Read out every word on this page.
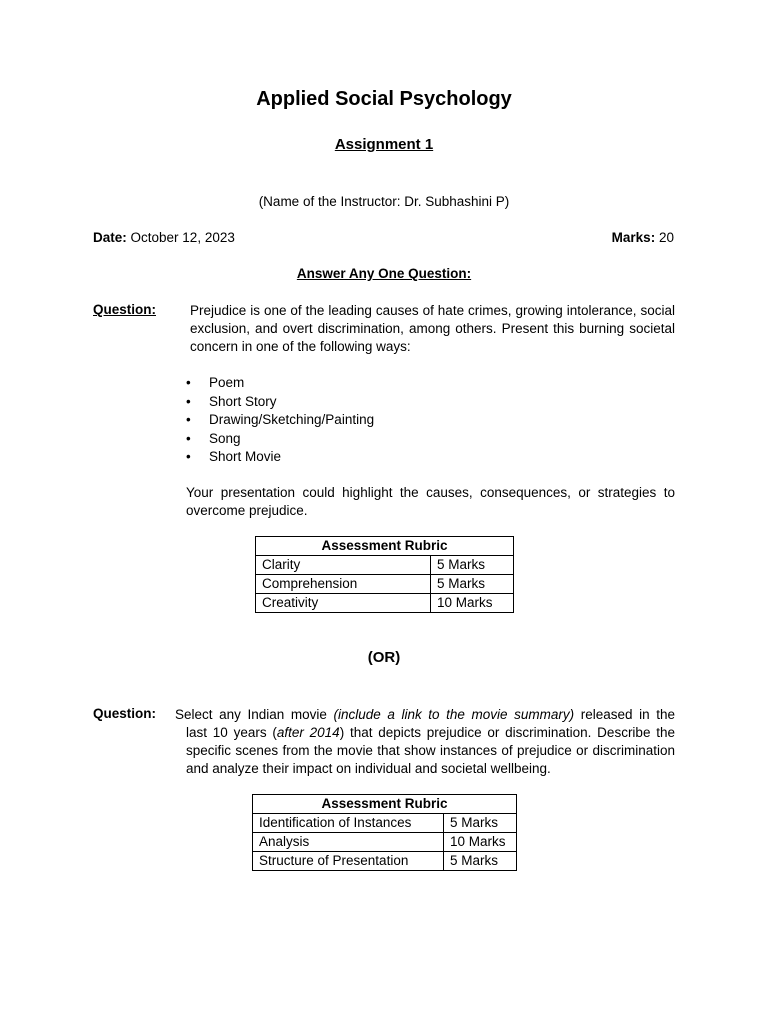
Applied Social Psychology
Assignment 1
(Name of the Instructor: Dr. Subhashini P)
Date: October 12, 2023	Marks: 20
Answer Any One Question:
Question:	Prejudice is one of the leading causes of hate crimes, growing intolerance, social exclusion, and overt discrimination, among others. Present this burning societal concern in one of the following ways:
• Poem
• Short Story
• Drawing/Sketching/Painting
• Song
• Short Movie
Your presentation could highlight the causes, consequences, or strategies to overcome prejudice.
Assessment Rubric	
Clarity	5 Marks
Comprehension	5 Marks
Creativity	10 Marks
(OR)
Question: Select any Indian movie (include a link to the movie summary) released in the
last 10 years (after 2014) that depicts prejudice or discrimination. Describe the specific scenes from the movie that show instances of prejudice or discrimination and analyze their impact on individual and societal wellbeing.
Assessment Rubric	
Identification of Instances	5 Marks
Analysis	10 Marks
Structure of Presentation	5 Marks
